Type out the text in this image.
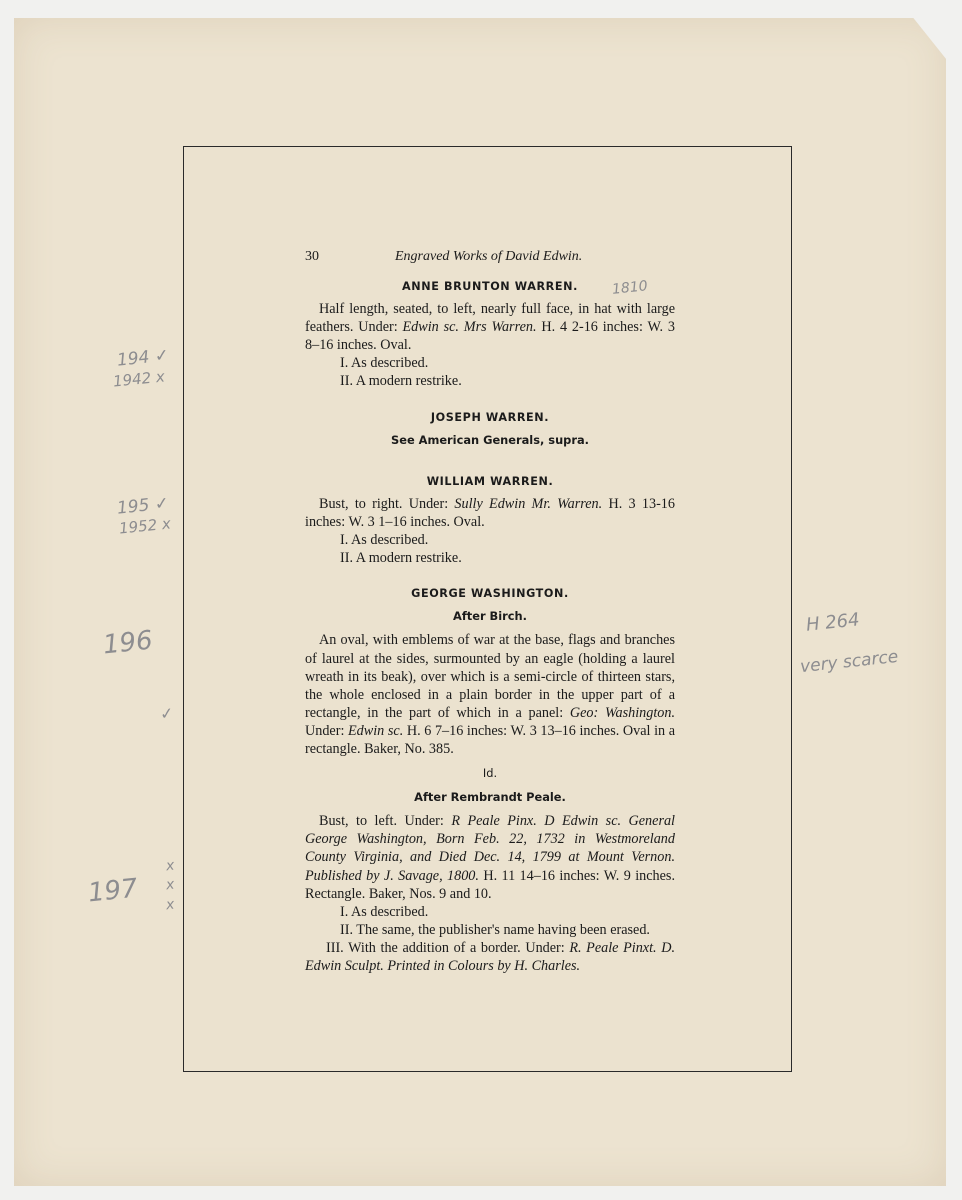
30	Engraved Works of David Edwin.
ANNE BRUNTON WARREN.

Half length, seated, to left, nearly full face, in hat with large feathers. Under: Edwin sc. Mrs Warren. H. 4 2-16 inches: W. 3 8–16 inches. Oval.

I. As described.
II. A modern restrike.
JOSEPH WARREN.
See American Generals, supra.
WILLIAM WARREN.

Bust, to right. Under: Sully Edwin Mr. Warren. H. 3 13-16 inches: W. 3 1–16 inches. Oval.

I. As described.
II. A modern restrike.
GEORGE WASHINGTON.
After Birch.

An oval, with emblems of war at the base, flags and branches of laurel at the sides, surmounted by an eagle (holding a laurel wreath in its beak), over which is a semi-circle of thirteen stars, the whole enclosed in a plain border in the upper part of a rectangle, in the part of which in a panel: Geo: Washington. Under: Edwin sc. H. 6 7–16 inches: W. 3 13–16 inches. Oval in a rectangle. Baker, No. 385.

Id.
After Rembrandt Peale.

Bust, to left. Under: R Peale Pinx. D Edwin sc. General George Washington, Born Feb. 22, 1732 in Westmoreland County Virginia, and Died Dec. 14, 1799 at Mount Vernon. Published by J. Savage, 1800. H. 11 14–16 inches: W. 9 inches. Rectangle. Baker, Nos. 9 and 10.

I. As described.
II. The same, the publisher's name having been erased.

III. With the addition of a border. Under: R. Peale Pinxt. D. Edwin Sculpt. Printed in Colours by H. Charles.

1810
194 ✓
1942 x
195 ✓
1952 x
196
✓
197
x
x
x
H 264
very scarce
